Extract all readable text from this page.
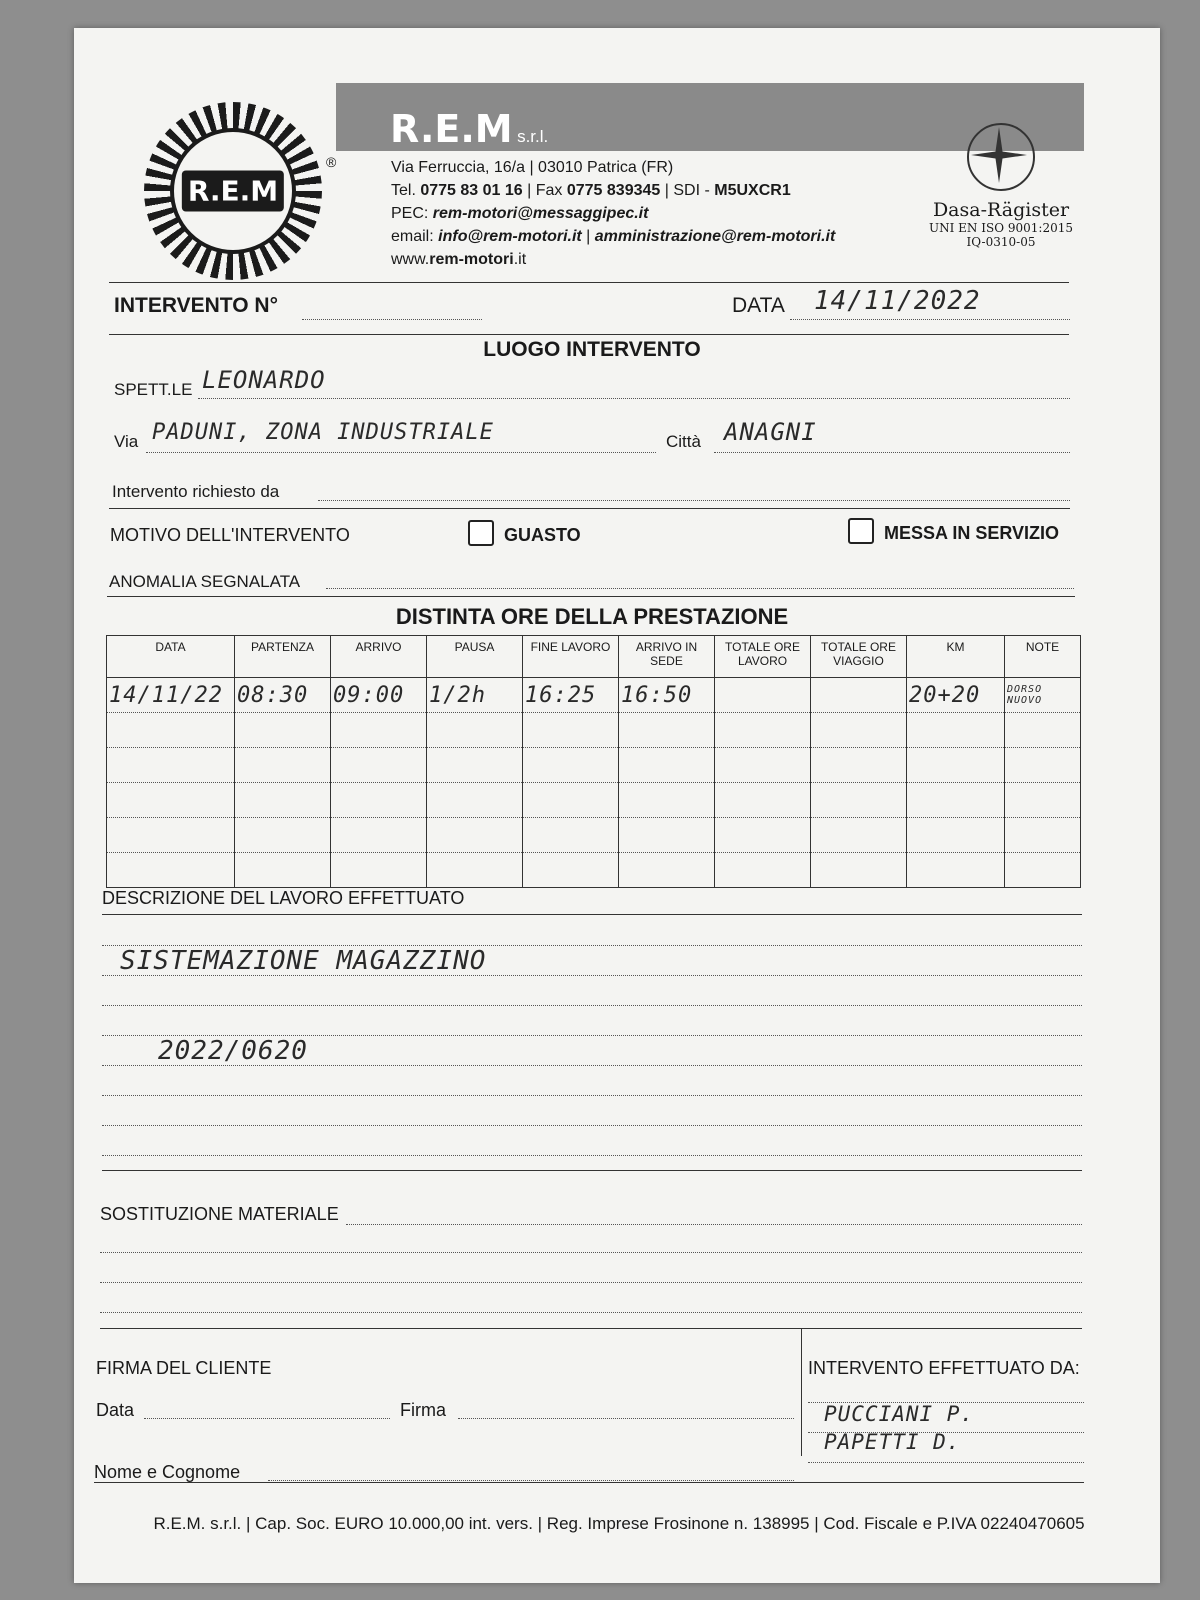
R.E.M
®
R.E.M s.r.l.
Via Ferruccia, 16/a | 03010 Patrica (FR)
Tel. 0775 83 01 16 | Fax 0775 839345 | SDI - M5UXCR1
PEC: rem-motori@messaggipec.it
email: info@rem-motori.it | amministrazione@rem-motori.it
www.rem-motori.it
Dasa-Rägister
UNI EN ISO 9001:2015
IQ-0310-05
INTERVENTO N°	DATA 14/11/2022
LUOGO INTERVENTO
SPETT.LE LEONARDO
Via PADUNI, ZONA INDUSTRIALE	Città ANAGNI
Intervento richiesto da
MOTIVO DELL'INTERVENTO	GUASTO	MESSA IN SERVIZIO
ANOMALIA SEGNALATA
DISTINTA ORE DELLA PRESTAZIONE
DATA	PARTENZA	ARRIVO	PAUSA	FINE LAVORO	ARRIVO IN SEDE	TOTALE ORE LAVORO	TOTALE ORE VIAGGIO	KM	NOTE
14/11/22	08:30	09:00	1/2h	16:25	16:50			20+20	DORSO NUOVO

DESCRIZIONE DEL LAVORO EFFETTUATO
SISTEMAZIONE MAGAZZINO
2022/0620
SOSTITUZIONE MATERIALE
FIRMA DEL CLIENTE
Data	Firma
Nome e Cognome
INTERVENTO EFFETTUATO DA:
PUCCIANI P.
PAPETTI D.
R.E.M. s.r.l. | Cap. Soc. EURO 10.000,00 int. vers. | Reg. Imprese Frosinone n. 138995 | Cod. Fiscale e P.IVA 02240470605
